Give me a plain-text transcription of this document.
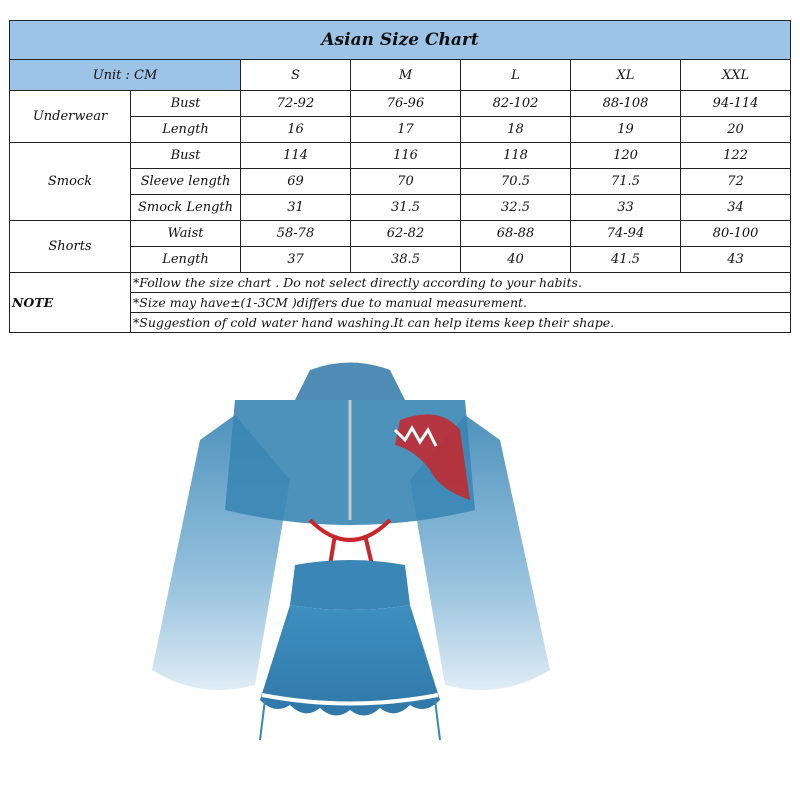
Asian Size Chart						
Unit : CM		S	M	L	XL	XXL
Underwear	Bust	72-92	76-96	82-102	88-108	94-114
	Length	16	17	18	19	20
Smock	Bust	114	116	118	120	122
	Sleeve length	69	70	70.5	71.5	72
	Smock Length	31	31.5	32.5	33	34
Shorts	Waist	58-78	62-82	68-88	74-94	80-100
	Length	37	38.5	40	41.5	43
NOTE	*Follow the size chart . Do not select directly according to your habits.					
	*Size may have±(1-3CM )differs due to manual measurement.					
	*Suggestion of cold water hand washing.It can help items keep their shape.					
